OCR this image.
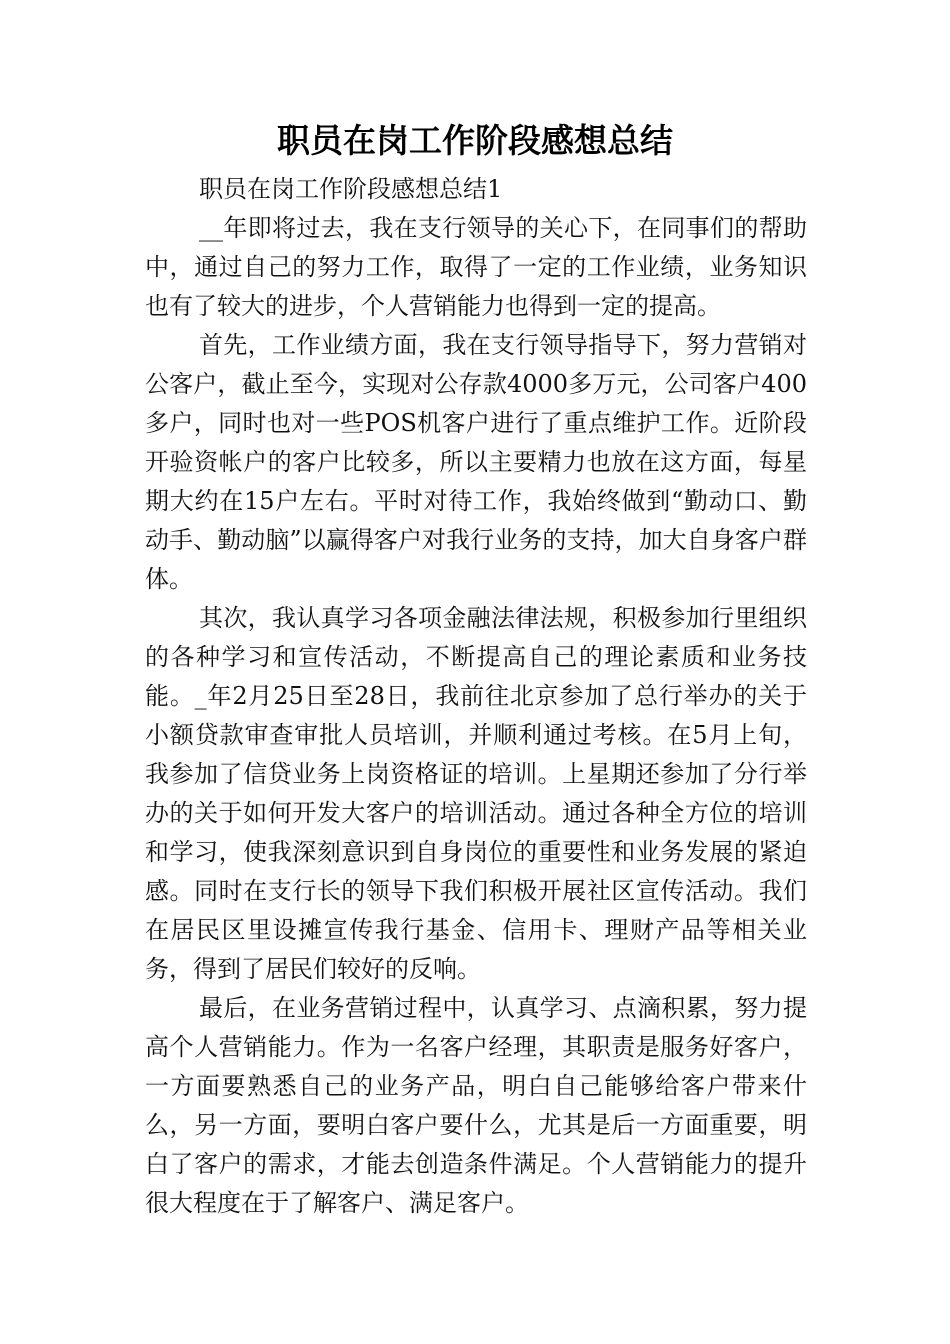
职员在岗工作阶段感想总结

职员在岗工作阶段感想总结1

__年即将过去，我在支行领导的关心下，在同事们的帮助中，通过自己的努力工作，取得了一定的工作业绩，业务知识也有了较大的进步，个人营销能力也得到一定的提高。

首先，工作业绩方面，我在支行领导指导下，努力营销对公客户，截止至今，实现对公存款4000多万元，公司客户400多户，同时也对一些POS机客户进行了重点维护工作。近阶段开验资帐户的客户比较多，所以主要精力也放在这方面，每星期大约在15户左右。平时对待工作，我始终做到“勤动口、勤动手、勤动脑”以赢得客户对我行业务的支持，加大自身客户群体。

其次，我认真学习各项金融法律法规，积极参加行里组织的各种学习和宣传活动，不断提高自己的理论素质和业务技能。_年2月25日至28日，我前往北京参加了总行举办的关于小额贷款审查审批人员培训，并顺利通过考核。在5月上旬，我参加了信贷业务上岗资格证的培训。上星期还参加了分行举办的关于如何开发大客户的培训活动。通过各种全方位的培训和学习，使我深刻意识到自身岗位的重要性和业务发展的紧迫感。同时在支行长的领导下我们积极开展社区宣传活动。我们在居民区里设摊宣传我行基金、信用卡、理财产品等相关业务，得到了居民们较好的反响。

最后，在业务营销过程中，认真学习、点滴积累，努力提高个人营销能力。作为一名客户经理，其职责是服务好客户，一方面要熟悉自己的业务产品，明白自己能够给客户带来什么，另一方面，要明白客户要什么，尤其是后一方面重要，明白了客户的需求，才能去创造条件满足。个人营销能力的提升很大程度在于了解客户、满足客户。
